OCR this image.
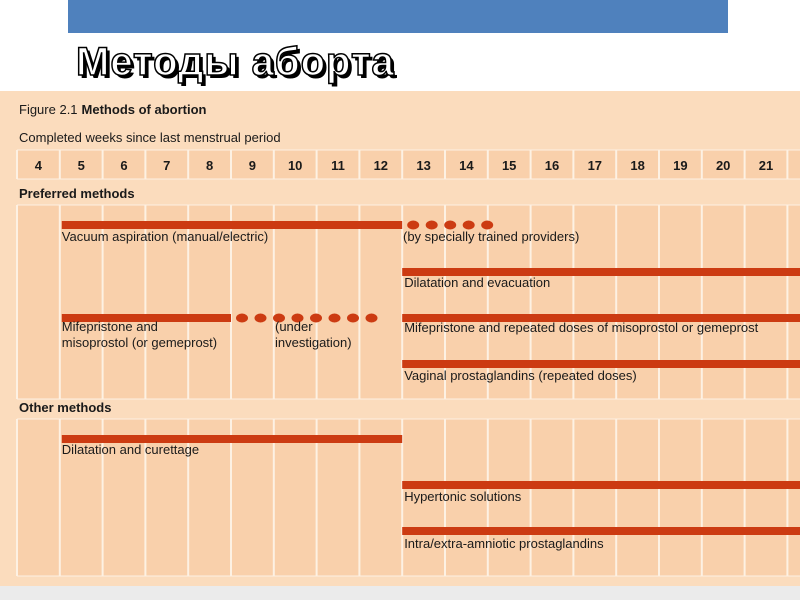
Методы аборта
Figure 2.1 Methods of abortion
Completed weeks since last menstrual period
Preferred methods
Other methods
4	5	6	7	8	9 10 11 12 13 14 15 16 17 18 19 20 21
(by specially trained providers)
Vacuum aspiration (manual/electric)
Dilatation and evacuation
(under investigation)
Mifepristone and misoprostol (or gemeprost)
Mifepristone and repeated doses of misoprostol or gemeprost
Vaginal prostaglandins (repeated doses)
Dilatation and curettage
Hypertonic solutions
Intra/extra-amniotic prostaglandins
